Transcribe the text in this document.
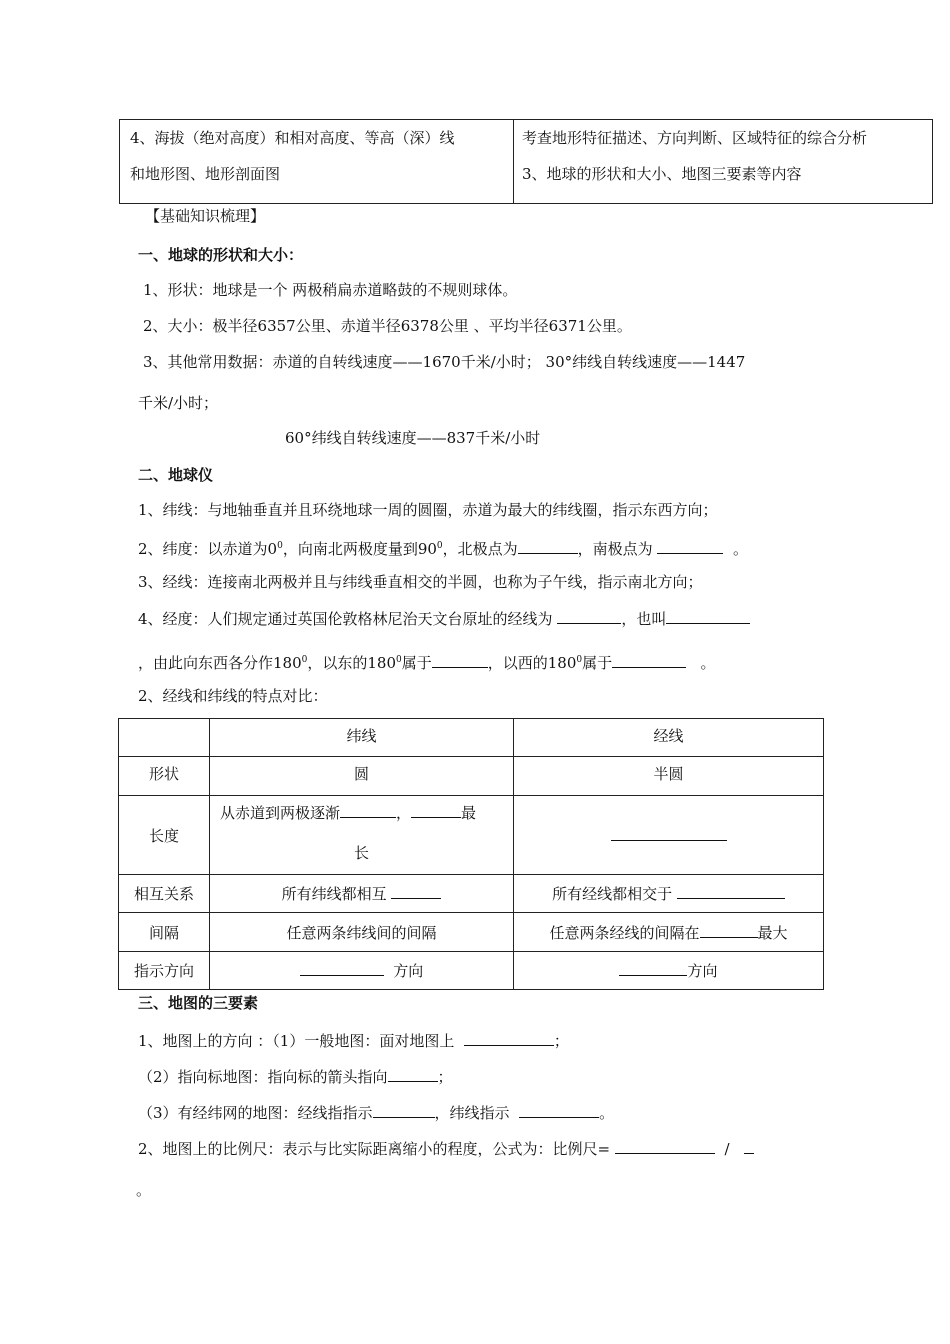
4、海拔（绝对高度）和相对高度、等高（深）线
和地形图、地形剖面图

考查地形特征描述、方向判断、区域特征的综合分析
3、地球的形状和大小、地图三要素等内容
【基础知识梳理】
一、地球的形状和大小：
1、形状：地球是一个 两极稍扁赤道略鼓的不规则球体。
2、大小：极半径6357公里、赤道半径6378公里 、平均半径6371公里。
3、其他常用数据：赤道的自转线速度——1670千米/小时； 30°纬线自转线速度——1447
千米/小时；
60°纬线自转线速度——837千米/小时
二、地球仪
1、纬线：与地轴垂直并且环绕地球一周的圆圈，赤道为最大的纬线圈，指示东西方向；
2、纬度：以赤道为$0^0$，向南北两极度量到$90^0$，北极点为	，南极点为	。
3、经线：连接南北两极并且与纬线垂直相交的半圆，也称为子午线，指示南北方向；
4、经度：人们规定通过英国伦敦格林尼治天文台原址的经线为	，也叫
，由此向东西各分作$180^0$，以东的$180^0$属于	，以西的$180^0$属于	。
2、经线和纬线的特点对比：
	纬线	经线
形状	圆	半圆
长度	从赤道到两极逐渐 ， 最
长	

相互关系	所有纬线都相互	所有经线都相交于
间隔	任意两条纬线间的间隔	任意两条经线的间隔在 最大
指示方向	方向	方向
三、地图的三要素
1、地图上的方向 ：（1）一般地图：面对地图上	；
（2）指向标地图：指向标的箭头指向	；
（3）有经纬网的地图：经线指指示	，纬线指示	。
2、地图上的比例尺：表示与比实际距离缩小的程度，公式为：比例尺=	/
。
